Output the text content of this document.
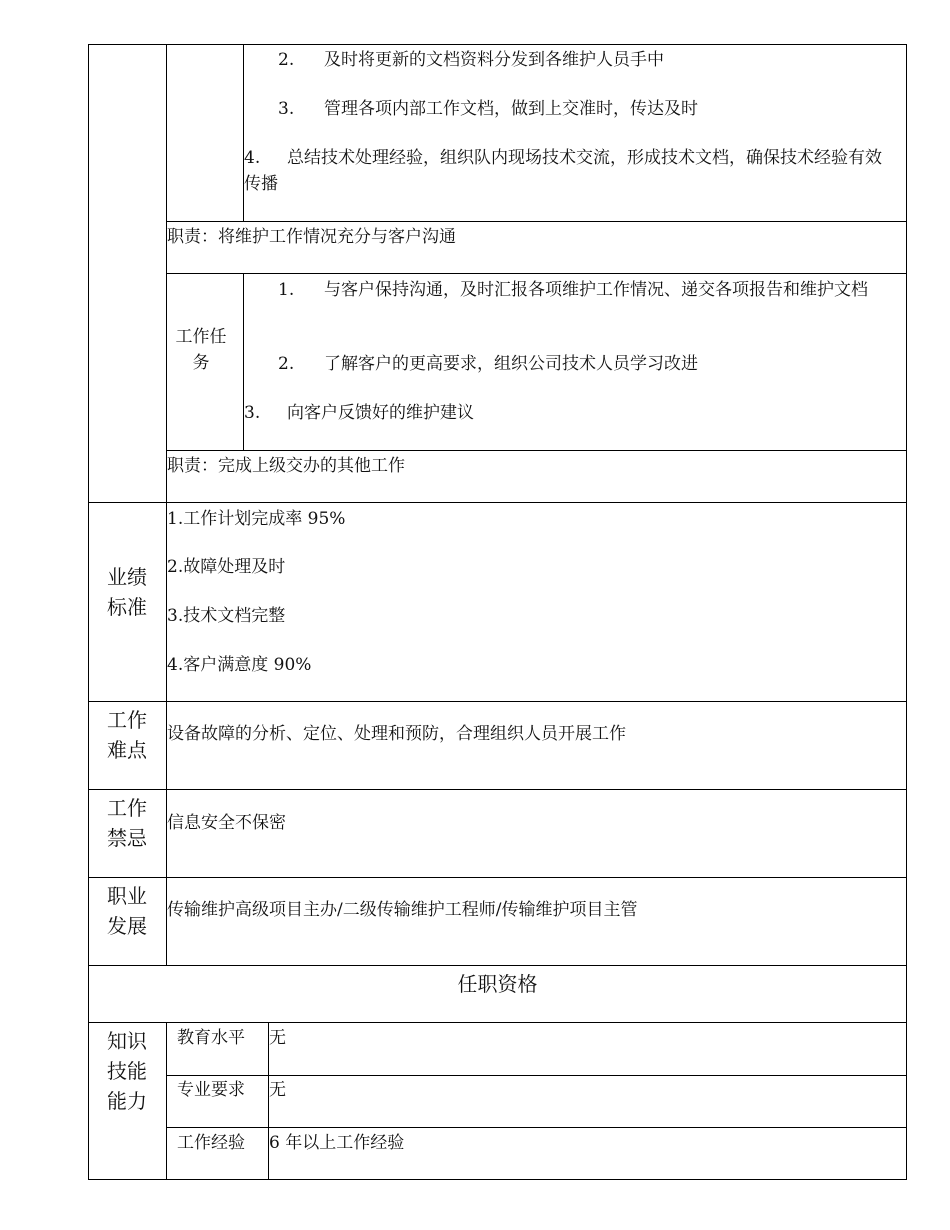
2. 及时将更新的文档资料分发到各维护人员手中
3. 管理各项内部工作文档，做到上交准时，传达及时
4. 总结技术处理经验，组织队内现场技术交流，形成技术文档，确保技术经验有效传播
职责：将维护工作情况充分与客户沟通
工作任务
1. 与客户保持沟通，及时汇报各项维护工作情况、递交各项报告和维护文档
2. 了解客户的更高要求，组织公司技术人员学习改进
3. 向客户反馈好的维护建议
职责：完成上级交办的其他工作
业绩标准
1.工作计划完成率 95%
2.故障处理及时
3.技术文档完整
4.客户满意度 90%
工作难点
设备故障的分析、定位、处理和预防，合理组织人员开展工作
工作禁忌
信息安全不保密
职业发展
传输维护高级项目主办/二级传输维护工程师/传输维护项目主管
任职资格
知识技能能力
教育水平 无
专业要求 无
工作经验 6 年以上工作经验
